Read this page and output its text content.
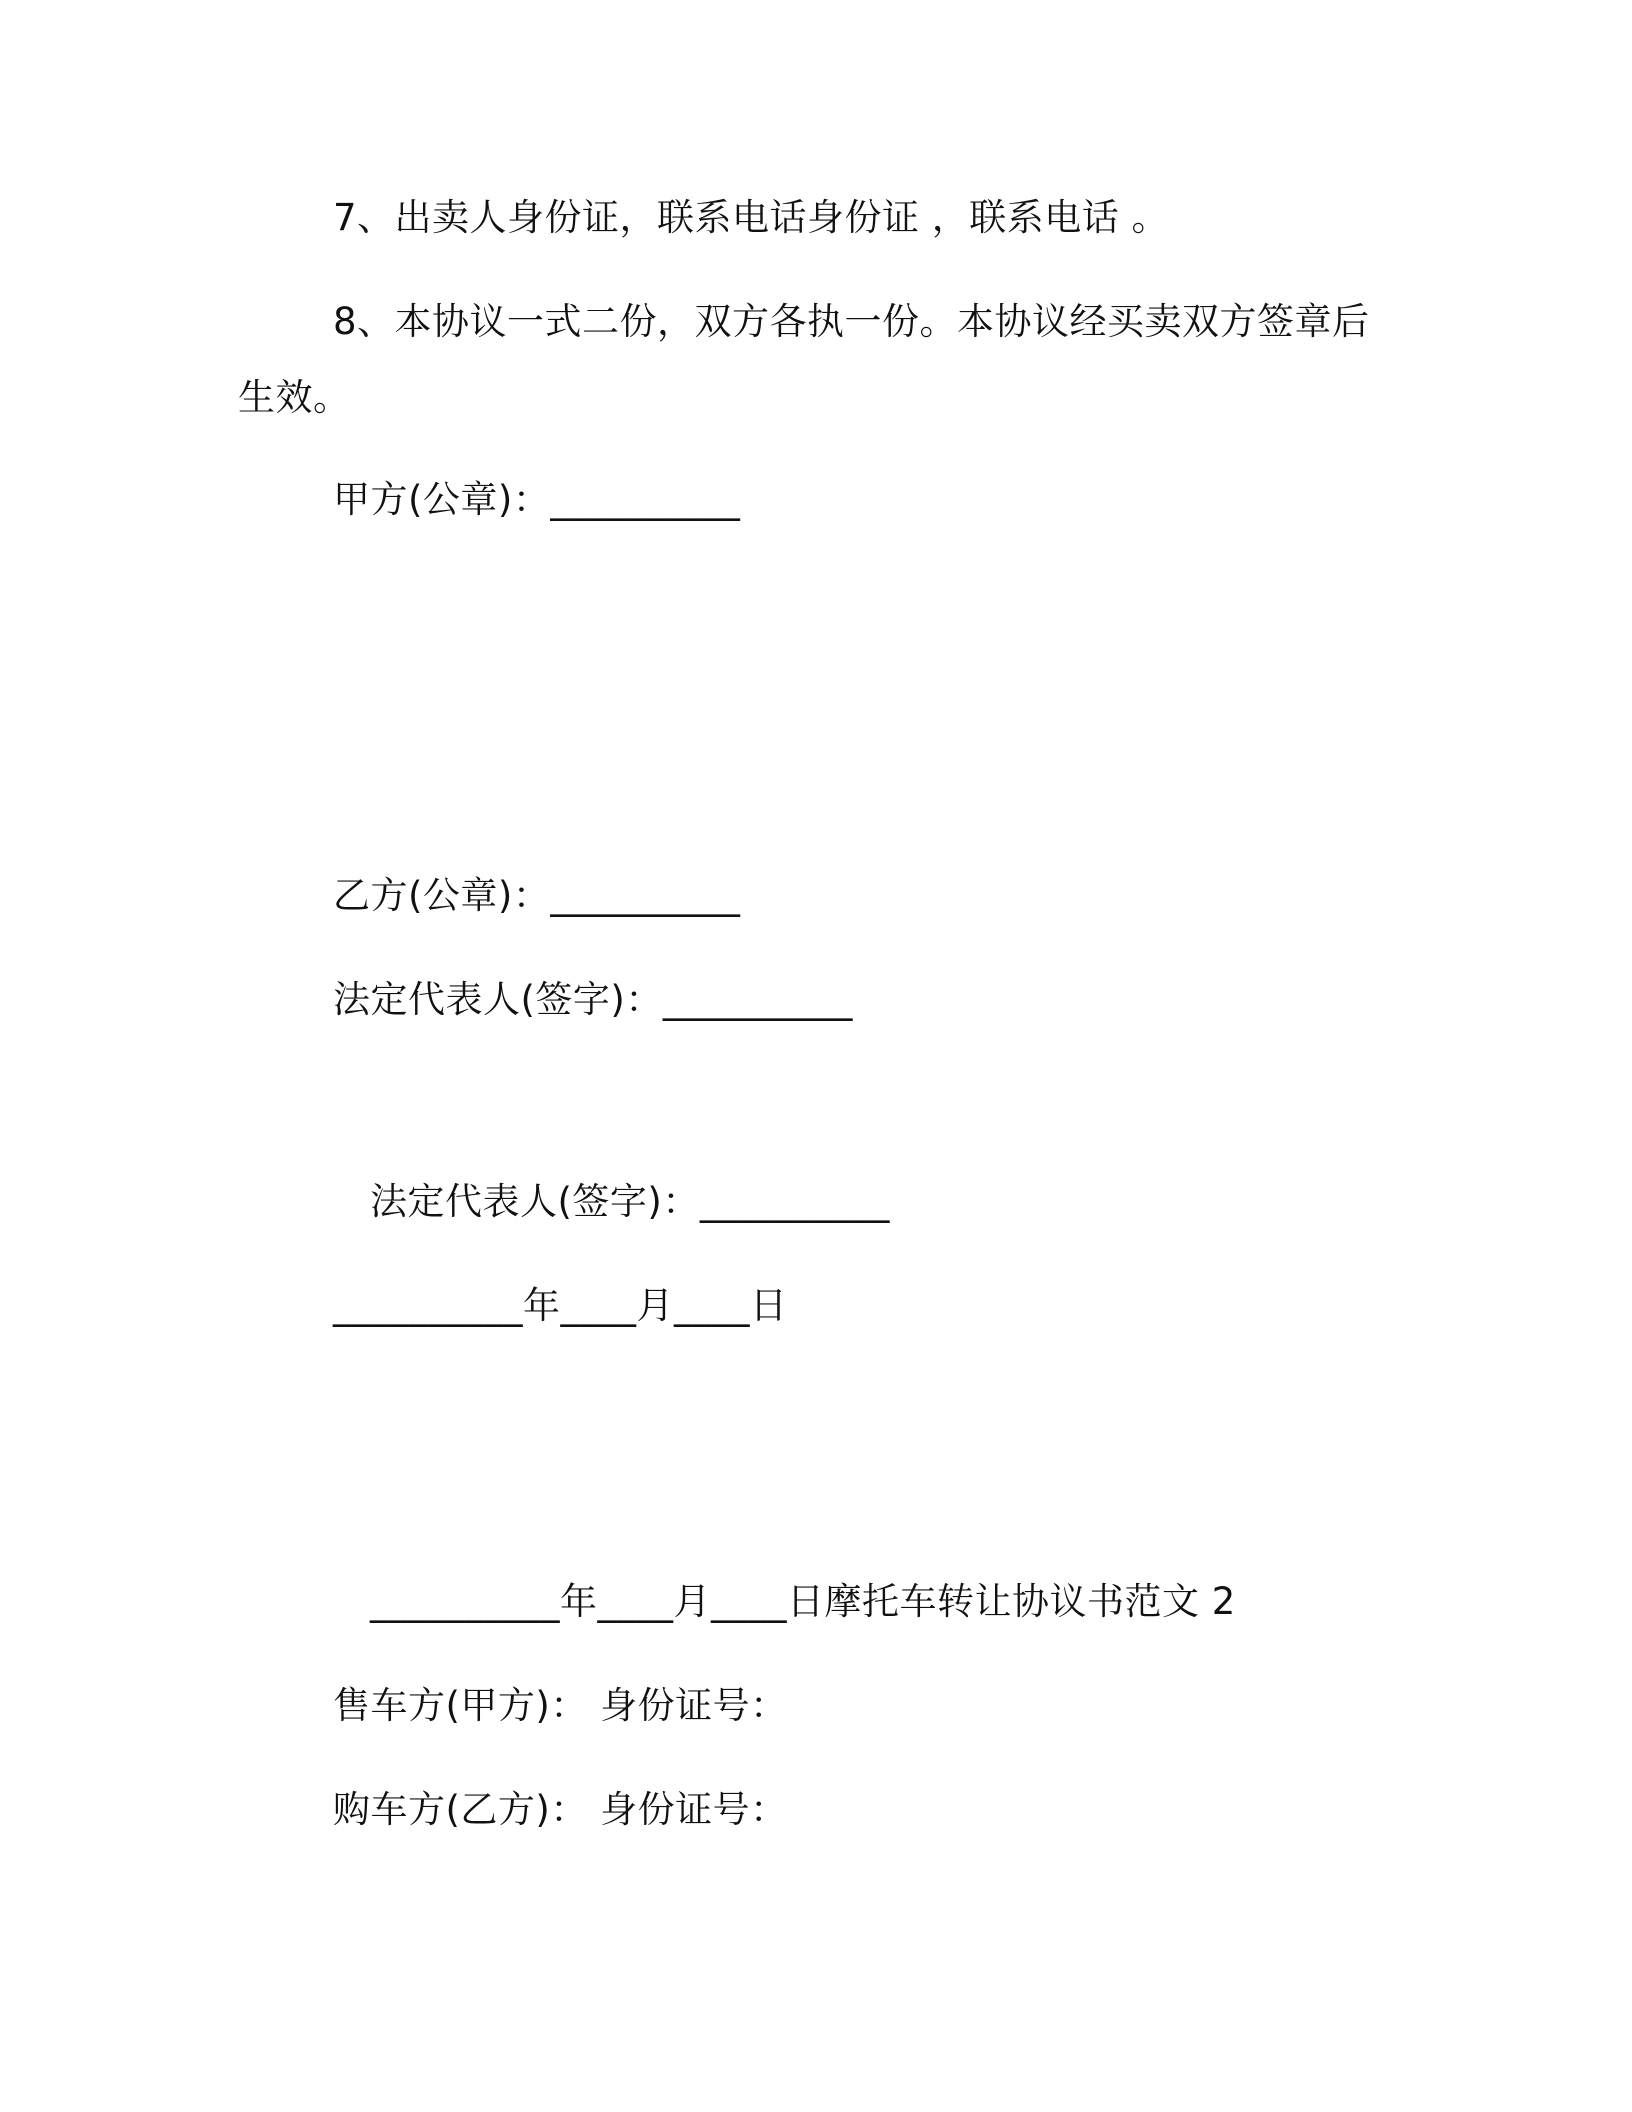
7、出卖人身份证，联系电话身份证 ，联系电话 。
8、本协议一式二份，双方各执一份。本协议经买卖双方签章后
生效。
甲方(公章)：__________
乙方(公章)：__________
法定代表人(签字)：__________
法定代表人(签字)：__________
__________年____月____日
__________年____月____日摩托车转让协议书范文 2
售车方(甲方)： 身份证号：
购车方(乙方)： 身份证号：
